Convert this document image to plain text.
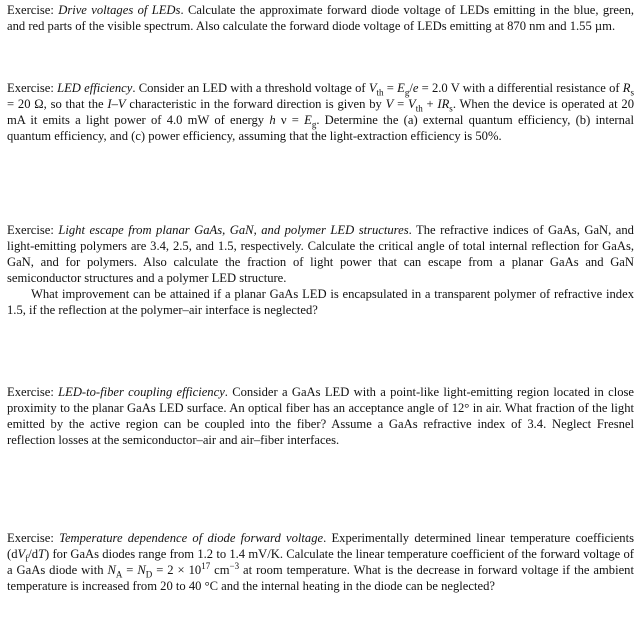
Exercise: Drive voltages of LEDs. Calculate the approximate forward diode voltage of LEDs emitting in the blue, green, and red parts of the visible spectrum. Also calculate the forward diode voltage of LEDs emitting at 870 nm and 1.55 µm.

Exercise: LED efficiency. Consider an LED with a threshold voltage of $V_{th} = E_g/e = 2.0$ V with a differential resistance of $R_s = 20$ Ω, so that the I–V characteristic in the forward direction is given by $V = V_{th} + IR_s$. When the device is operated at 20 mA it emits a light power of 4.0 mW of energy h $\nu = E_g$. Determine the (a) external quantum efficiency, (b) internal quantum efficiency, and (c) power efficiency, assuming that the light-extraction efficiency is 50%.

Exercise: Light escape from planar GaAs, GaN, and polymer LED structures. The refractive indices of GaAs, GaN, and light-emitting polymers are 3.4, 2.5, and 1.5, respectively. Calculate the critical angle of total internal reflection for GaAs, GaN, and for polymers. Also calculate the fraction of light power that can escape from a planar GaAs and GaN semiconductor structures and a polymer LED structure.

What improvement can be attained if a planar GaAs LED is encapsulated in a transparent polymer of refractive index 1.5, if the reflection at the polymer–air interface is neglected?

Exercise: LED-to-fiber coupling efficiency. Consider a GaAs LED with a point-like light-emitting region located in close proximity to the planar GaAs LED surface. An optical fiber has an acceptance angle of 12° in air. What fraction of the light emitted by the active region can be coupled into the fiber? Assume a GaAs refractive index of 3.4. Neglect Fresnel reflection losses at the semiconductor–air and air–fiber interfaces.

Exercise: Temperature dependence of diode forward voltage. Experimentally determined linear temperature coefficients $(dV_f/dT)$ for GaAs diodes range from 1.2 to 1.4 mV/K. Calculate the linear temperature coefficient of the forward voltage of a GaAs diode with $N_A = N_D = 2 \times 10^{17}$ $cm^{-3}$ at room temperature. What is the decrease in forward voltage if the ambient temperature is increased from 20 to 40 °C and the internal heating in the diode can be neglected?
